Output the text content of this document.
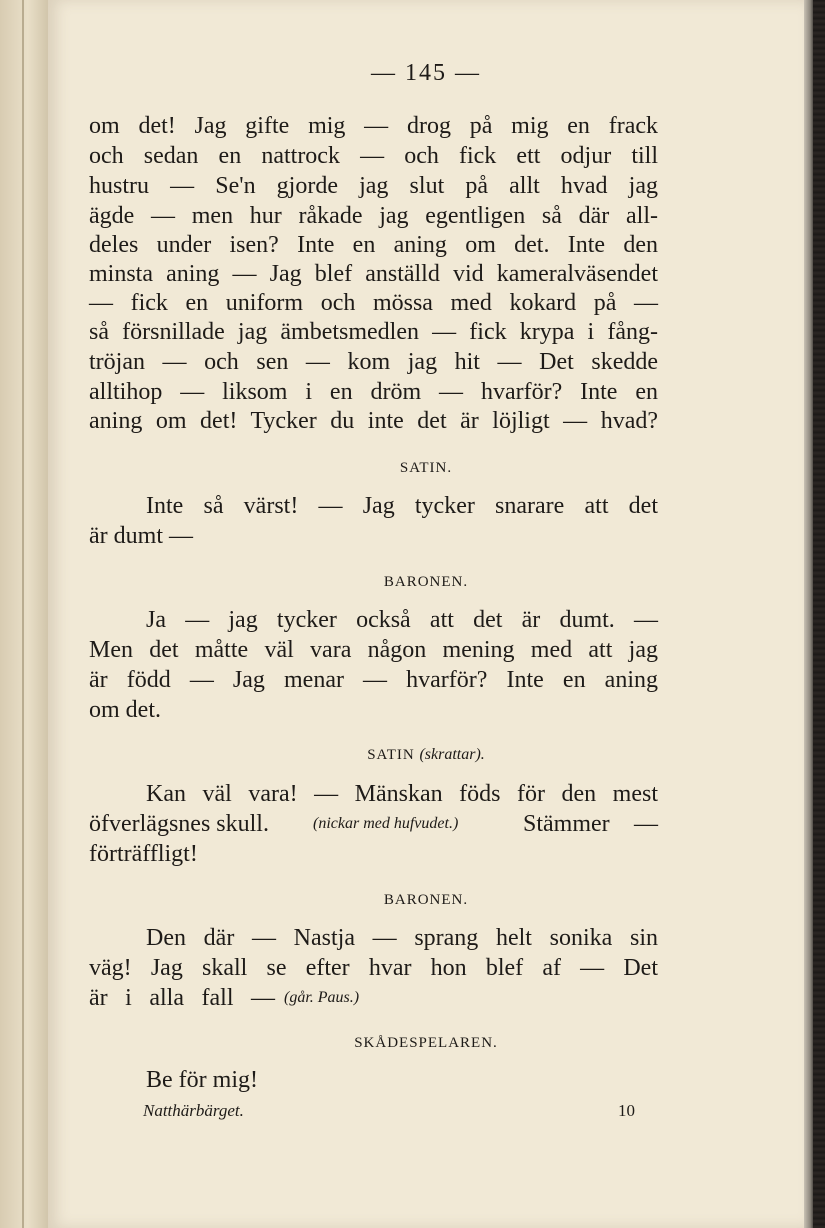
— 145 —
om det! Jag gifte mig — drog på mig en frack
och sedan en nattrock — och fick ett odjur till
hustru — Se'n gjorde jag slut på allt hvad jag
ägde — men hur råkade jag egentligen så där all-
deles under isen? Inte en aning om det. Inte den
minsta aning — Jag blef anställd vid kameralväsendet
— fick en uniform och mössa med kokard på —
så försnillade jag ämbetsmedlen — fick krypa i fång-
tröjan — och sen — kom jag hit — Det skedde
alltihop — liksom i en dröm — hvarför? Inte en
aning om det! Tycker du inte det är löjligt — hvad?
SATIN.
Inte så värst! — Jag tycker snarare att det
är dumt —
BARONEN.
Ja — jag tycker också att det är dumt. —
Men det måtte väl vara någon mening med att jag
är född — Jag menar — hvarför? Inte en aning
om det.
SATIN (skrattar).
Kan väl vara! — Mänskan föds för den mest
öfverlägsnes skull.	(nickar med hufvudet.)	Stämmer —
förträffligt!
BARONEN.
Den där — Nastja — sprang helt sonika sin
väg! Jag skall se efter hvar hon blef af — Det
är i alla fall — (går. Paus.)
SKÅDESPELAREN.
Be för mig!
Natthärbärget.	10
